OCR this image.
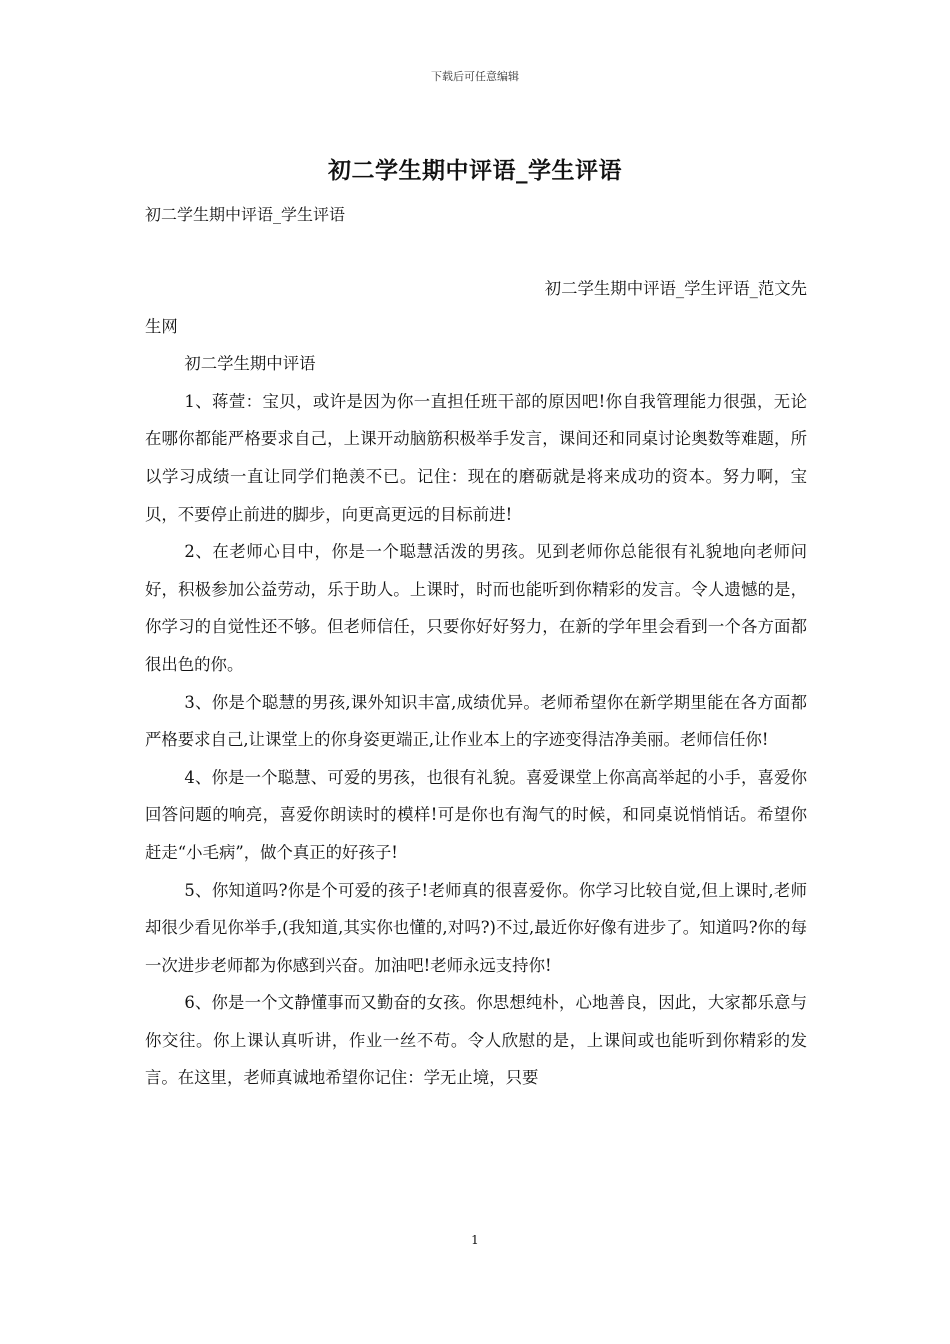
下载后可任意编辑
初二学生期中评语_学生评语
初二学生期中评语_学生评语

初二学生期中评语_学生评语_范文先

生网

初二学生期中评语

1、蒋萱：宝贝，或许是因为你一直担任班干部的原因吧!你自我管理能力很强，无论在哪你都能严格要求自己，上课开动脑筋积极举手发言，课间还和同桌讨论奥数等难题，所以学习成绩一直让同学们艳羡不已。记住：现在的磨砺就是将来成功的资本。努力啊，宝贝，不要停止前进的脚步，向更高更远的目标前进!

2、在老师心目中，你是一个聪慧活泼的男孩。见到老师你总能很有礼貌地向老师问好，积极参加公益劳动，乐于助人。上课时，时而也能听到你精彩的发言。令人遗憾的是，你学习的自觉性还不够。但老师信任，只要你好好努力，在新的学年里会看到一个各方面都很出色的你。

3、你是个聪慧的男孩,课外知识丰富,成绩优异。老师希望你在新学期里能在各方面都严格要求自己,让课堂上的你身姿更端正,让作业本上的字迹变得洁净美丽。老师信任你!

4、你是一个聪慧、可爱的男孩，也很有礼貌。喜爱课堂上你高高举起的小手，喜爱你回答问题的响亮，喜爱你朗读时的模样!可是你也有淘气的时候，和同桌说悄悄话。希望你赶走“小毛病”，做个真正的好孩子!

5、你知道吗?你是个可爱的孩子!老师真的很喜爱你。你学习比较自觉,但上课时,老师却很少看见你举手,(我知道,其实你也懂的,对吗?)不过,最近你好像有进步了。知道吗?你的每一次进步老师都为你感到兴奋。加油吧!老师永远支持你!

6、你是一个文静懂事而又勤奋的女孩。你思想纯朴，心地善良，因此，大家都乐意与你交往。你上课认真听讲，作业一丝不苟。令人欣慰的是，上课间或也能听到你精彩的发言。在这里，老师真诚地希望你记住：学无止境，只要

1
